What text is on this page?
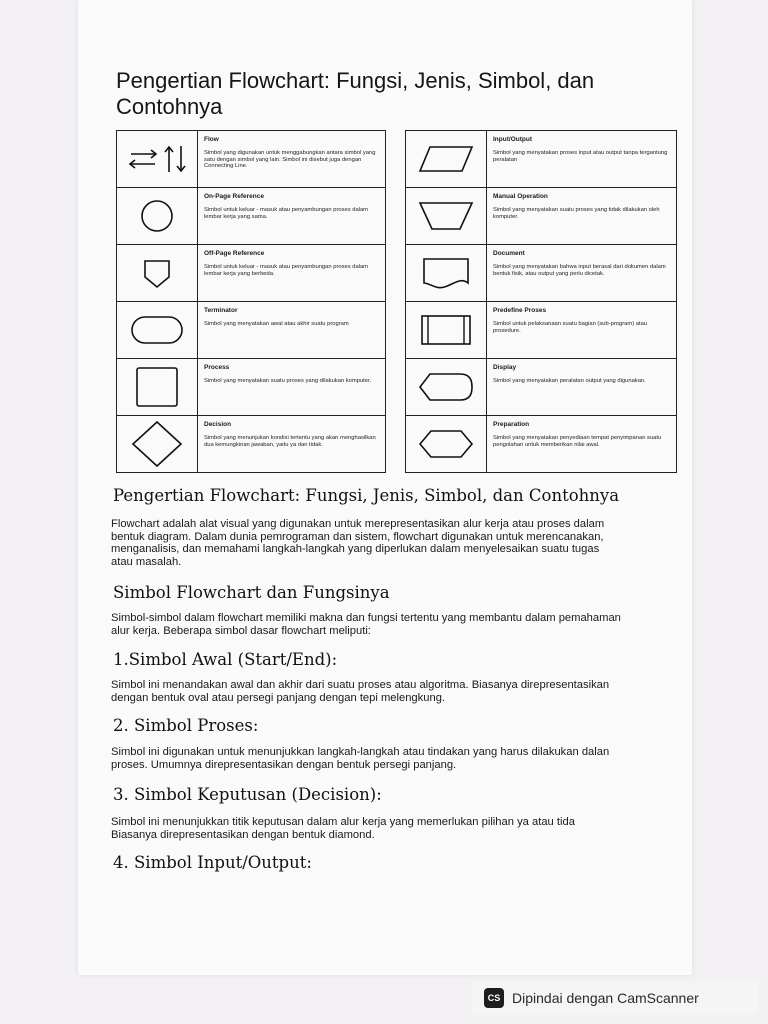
Pengertian Flowchart: Fungsi, Jenis, Simbol, dan Contohnya
Flow
Simbol yang digunakan untuk menggabungkan antara simbol yang satu dengan simbol yang lain. Simbol ini disebut juga dengan Connecting Line.
On-Page Reference
Simbol untuk keluar - masuk atau penyambungan proses dalam lembar kerja yang sama.
Off-Page Reference
Simbol untuk keluar - masuk atau penyambungan proses dalam lembar kerja yang berbeda.
Terminator
Simbol yang menyatakan awal atau akhir suatu program
Process
Simbol yang menyatakan suatu proses yang dilakukan komputer.
Decision
Simbol yang menunjukan kondisi tertentu yang akan menghasilkan dua kemungkinan jawaban, yaitu ya dan tidak.
Input/Output
Simbol yang menyatakan proses input atau output tanpa tergantung peralatan
Manual Operation
Simbol yang menyatakan suatu proses yang tidak dilakukan oleh komputer.
Document
Simbol yang menyatakan bahwa input berasal dari dokumen dalam bentuk fisik, atau output yang perlu dicetak.
Predefine Proses
Simbol untuk pelaksanaan suatu bagian (sub-program) atau prosedure.
Display
Simbol yang menyatakan peralatan output yang digunakan.
Preparation
Simbol yang menyatakan penyediaan tempat penyimpanan suatu pengolahan untuk memberikan nilai awal.
Pengertian Flowchart: Fungsi, Jenis, Simbol, dan Contohnya

Flowchart adalah alat visual yang digunakan untuk merepresentasikan alur kerja atau proses dalam
bentuk diagram. Dalam dunia pemrograman dan sistem, flowchart digunakan untuk merencanakan,
menganalisis, dan memahami langkah-langkah yang diperlukan dalam menyelesaikan suatu tugas
atau masalah.

Simbol Flowchart dan Fungsinya

Simbol-simbol dalam flowchart memiliki makna dan fungsi tertentu yang membantu dalam pemahaman
alur kerja. Beberapa simbol dasar flowchart meliputi:

1.Simbol Awal (Start/End):

Simbol ini menandakan awal dan akhir dari suatu proses atau algoritma. Biasanya direpresentasikan
dengan bentuk oval atau persegi panjang dengan tepi melengkung.

2. Simbol Proses:

Simbol ini digunakan untuk menunjukkan langkah-langkah atau tindakan yang harus dilakukan dalan
proses. Umumnya direpresentasikan dengan bentuk persegi panjang.

3. Simbol Keputusan (Decision):

Simbol ini menunjukkan titik keputusan dalam alur kerja yang memerlukan pilihan ya atau tida
Biasanya direpresentasikan dengan bentuk diamond.

4. Simbol Input/Output:
CS Dipindai dengan CamScanner
